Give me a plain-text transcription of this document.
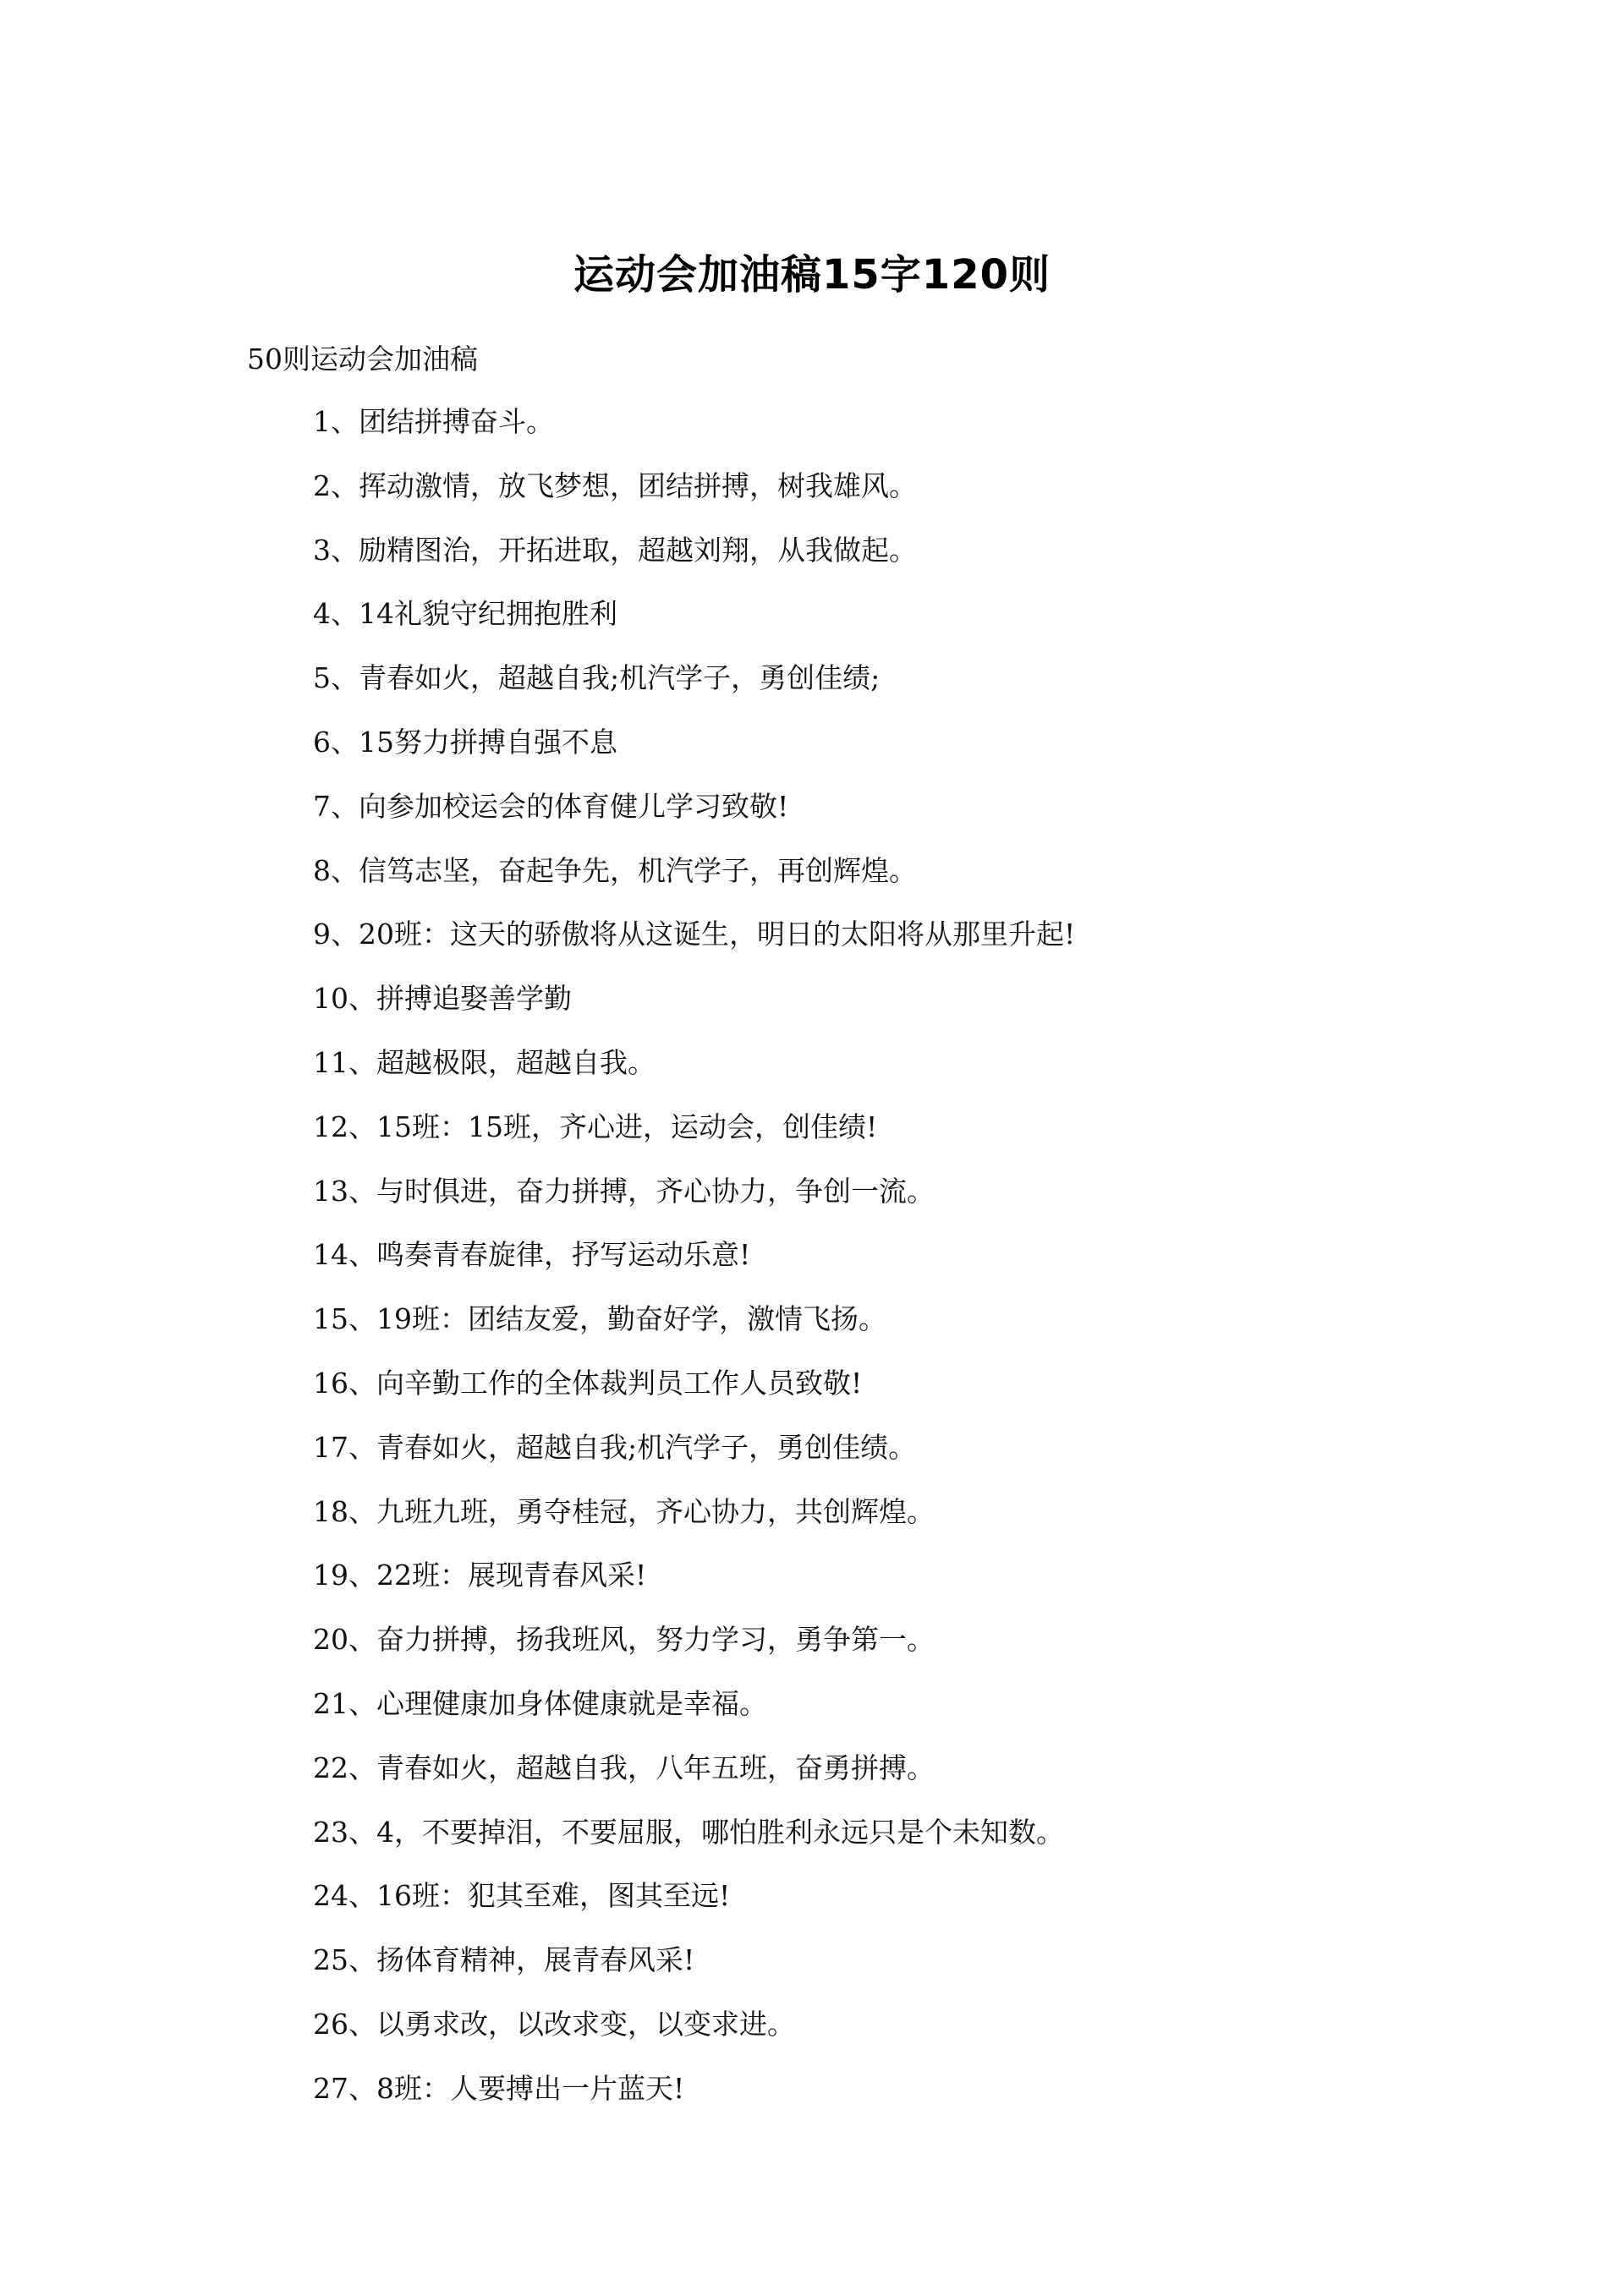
运动会加油稿15字120则
50则运动会加油稿
1、团结拼搏奋斗。
2、挥动激情，放飞梦想，团结拼搏，树我雄风。
3、励精图治，开拓进取，超越刘翔，从我做起。
4、14礼貌守纪拥抱胜利
5、青春如火，超越自我;机汽学子，勇创佳绩;
6、15努力拼搏自强不息
7、向参加校运会的体育健儿学习致敬!
8、信笃志坚，奋起争先，机汽学子，再创辉煌。
9、20班：这天的骄傲将从这诞生，明日的太阳将从那里升起!
10、拼搏追娶善学勤
11、超越极限，超越自我。
12、15班：15班，齐心进，运动会，创佳绩!
13、与时俱进，奋力拼搏，齐心协力，争创一流。
14、鸣奏青春旋律，抒写运动乐意!
15、19班：团结友爱，勤奋好学，激情飞扬。
16、向辛勤工作的全体裁判员工作人员致敬!
17、青春如火，超越自我;机汽学子，勇创佳绩。
18、九班九班，勇夺桂冠，齐心协力，共创辉煌。
19、22班：展现青春风采!
20、奋力拼搏，扬我班风，努力学习，勇争第一。
21、心理健康加身体健康就是幸福。
22、青春如火，超越自我，八年五班，奋勇拼搏。
23、4，不要掉泪，不要屈服，哪怕胜利永远只是个未知数。
24、16班：犯其至难，图其至远!
25、扬体育精神，展青春风采!
26、以勇求改，以改求变，以变求进。
27、8班：人要搏出一片蓝天!
